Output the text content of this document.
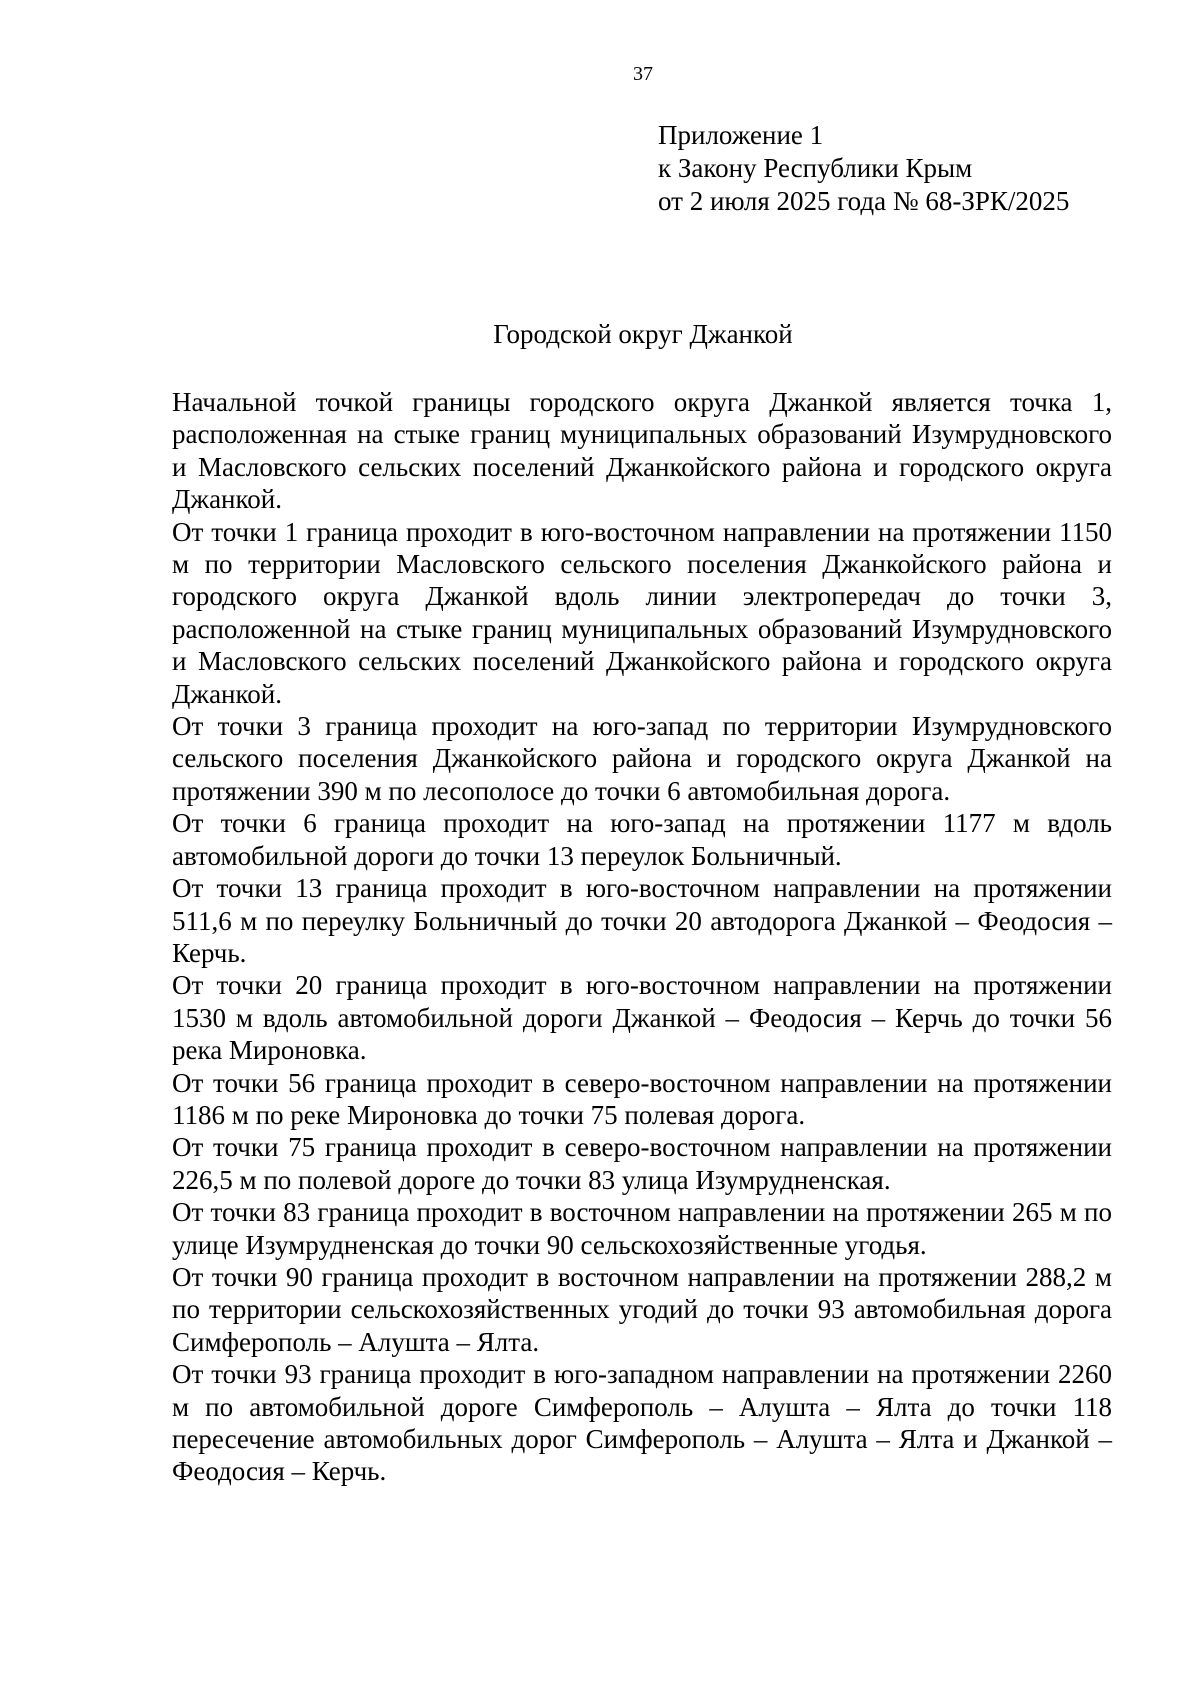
37
Приложение 1
к Закону Республики Крым
от 2 июля 2025 года № 68-ЗРК/2025
Городской округ Джанкой

Начальной точкой границы городского округа Джанкой является точка 1, расположенная на стыке границ муниципальных образований Изумрудновского и Масловского сельских поселений Джанкойского района и городского округа Джанкой.

От точки 1 граница проходит в юго-восточном направлении на протяжении 1150 м по территории Масловского сельского поселения Джанкойского района и городского округа Джанкой вдоль линии электропередач до точки 3, расположенной на стыке границ муниципальных образований Изумрудновского и Масловского сельских поселений Джанкойского района и городского округа Джанкой.

От точки 3 граница проходит на юго-запад по территории Изумрудновского сельского поселения Джанкойского района и городского округа Джанкой на протяжении 390 м по лесополосе до точки 6 автомобильная дорога.

От точки 6 граница проходит на юго-запад на протяжении 1177 м вдоль автомобильной дороги до точки 13 переулок Больничный.

От точки 13 граница проходит в юго-восточном направлении на протяжении 511,6 м по переулку Больничный до точки 20 автодорога Джанкой – Феодосия – Керчь.

От точки 20 граница проходит в юго-восточном направлении на протяжении 1530 м вдоль автомобильной дороги Джанкой – Феодосия – Керчь до точки 56 река Мироновка.

От точки 56 граница проходит в северо-восточном направлении на протяжении 1186 м по реке Мироновка до точки 75 полевая дорога.

От точки 75 граница проходит в северо-восточном направлении на протяжении 226,5 м по полевой дороге до точки 83 улица Изумрудненская.

От точки 83 граница проходит в восточном направлении на протяжении 265 м по улице Изумрудненская до точки 90 сельскохозяйственные угодья.

От точки 90 граница проходит в восточном направлении на протяжении 288,2 м по территории сельскохозяйственных угодий до точки 93 автомобильная дорога Симферополь – Алушта – Ялта.

От точки 93 граница проходит в юго-западном направлении на протяжении 2260 м по автомобильной дороге Симферополь – Алушта – Ялта до точки 118 пересечение автомобильных дорог Симферополь – Алушта – Ялта и Джанкой – Феодосия – Керчь.
